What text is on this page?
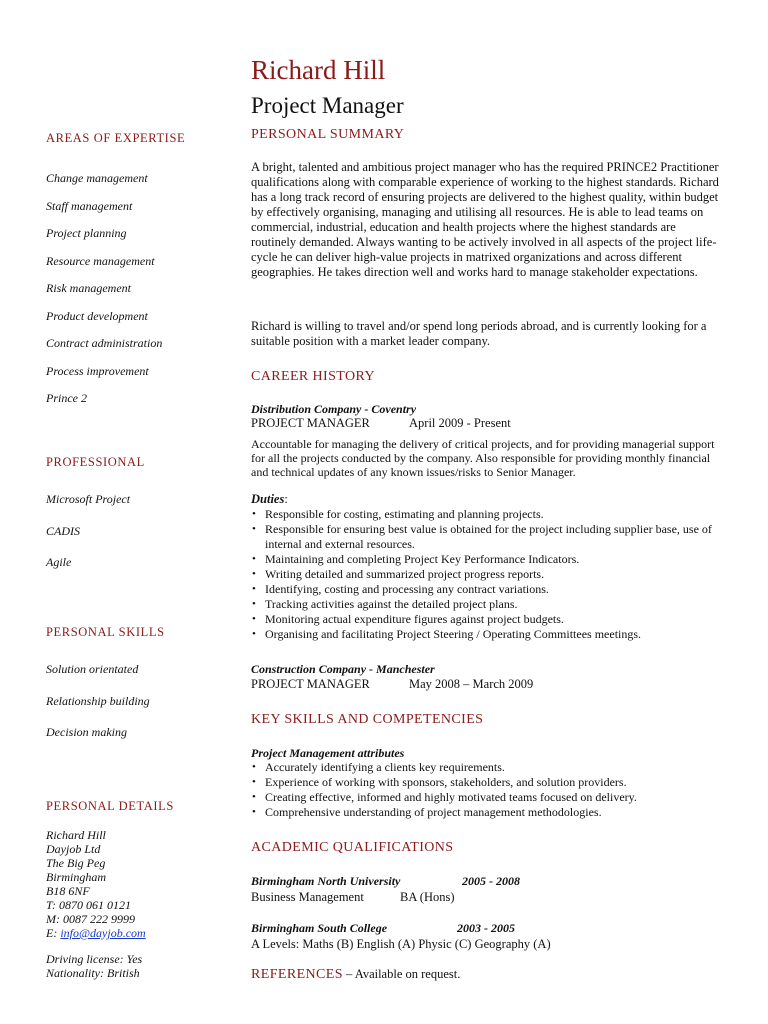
Richard Hill
Project Manager
AREAS OF EXPERTISE
Change management
Staff management
Project planning
Resource management
Risk management
Product development
Contract administration
Process improvement
Prince 2
PROFESSIONAL
Microsoft Project
CADIS
Agile
PERSONAL SKILLS
Solution orientated
Relationship building
Decision making
PERSONAL DETAILS
Richard Hill
Dayjob Ltd
The Big Peg
Birmingham
B18 6NF
T: 0870 061 0121
M: 0087 222 9999
E: info@dayjob.com
Driving license: Yes
Nationality: British
PERSONAL SUMMARY
A bright, talented and ambitious project manager who has the required PRINCE2 Practitioner qualifications along with comparable experience of working to the highest standards. Richard has a long track record of ensuring projects are delivered to the highest quality, within budget by effectively organising, managing and utilising all resources. He is able to lead teams on commercial, industrial, education and health projects where the highest standards are routinely demanded. Always wanting to be actively involved in all aspects of the project life-cycle he can deliver high-value projects in matrixed organizations and across different geographies. He takes direction well and works hard to manage stakeholder expectations.
Richard is willing to travel and/or spend long periods abroad, and is currently looking for a suitable position with a market leader company.
CAREER HISTORY
Distribution Company - Coventry
PROJECT MANAGER	April 2009 - Present
Accountable for managing the delivery of critical projects, and for providing managerial support for all the projects conducted by the company. Also responsible for providing monthly financial and technical updates of any known issues/risks to Senior Manager.
Duties:
• Responsible for costing, estimating and planning projects.
• Responsible for ensuring best value is obtained for the project including supplier base, use of internal and external resources.
• Maintaining and completing Project Key Performance Indicators.
• Writing detailed and summarized project progress reports.
• Identifying, costing and processing any contract variations.
• Tracking activities against the detailed project plans.
• Monitoring actual expenditure figures against project budgets.
• Organising and facilitating Project Steering / Operating Committees meetings.
Construction Company - Manchester
PROJECT MANAGER	May 2008 – March 2009
KEY SKILLS AND COMPETENCIES
Project Management attributes
• Accurately identifying a clients key requirements.
• Experience of working with sponsors, stakeholders, and solution providers.
• Creating effective, informed and highly motivated teams focused on delivery.
• Comprehensive understanding of project management methodologies.
ACADEMIC QUALIFICATIONS
Birmingham North University	2005 - 2008
Business Management	BA (Hons)
Birmingham South College	2003 - 2005
A Levels: Maths (B) English (A) Physic (C) Geography (A)
REFERENCES – Available on request.
